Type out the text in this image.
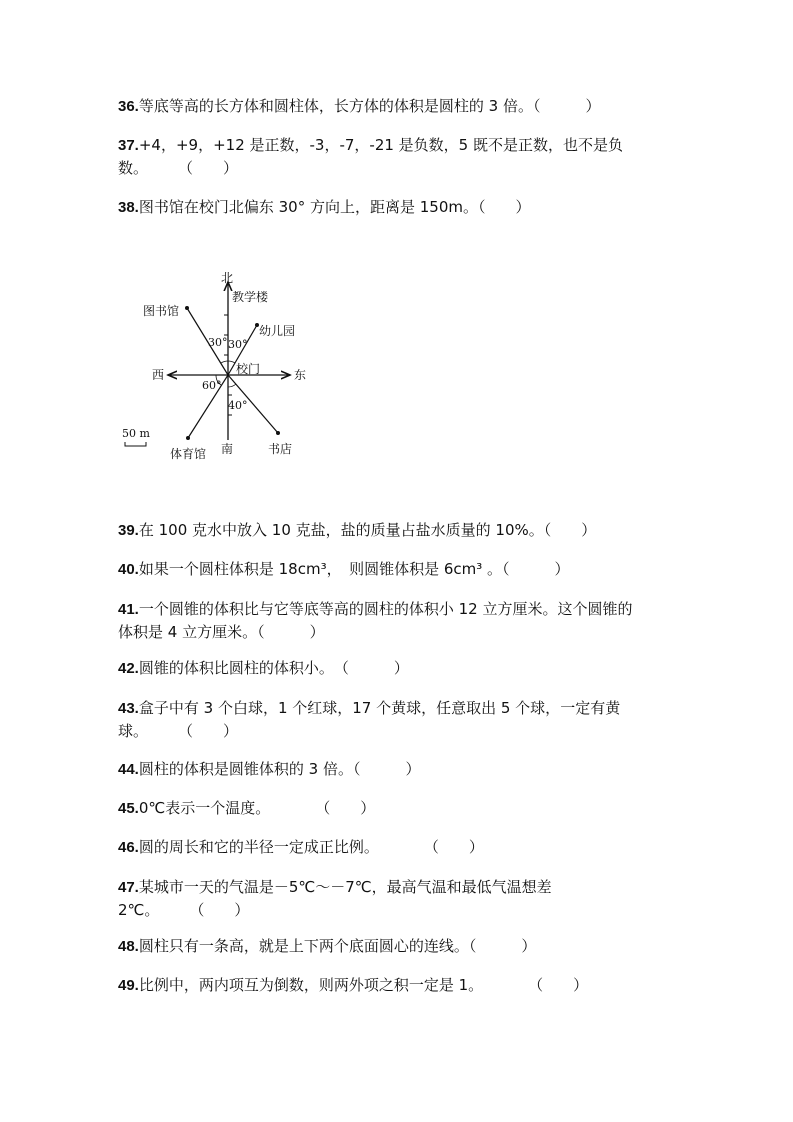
36.等底等高的长方体和圆柱体，长方体的体积是圆柱的 3 倍。（　　　）
37.+4，+9，+12 是正数，-3，-7，-21 是负数，5 既不是正数，也不是负
数。　　　（　　）
38.图书馆在校门北偏东 30° 方向上，距离是 150m。（　　）
北
教学楼
图书馆
幼儿园
30° 30°
西	校门	东
60°
40°
50 m
南
体育馆	书店
39.在 100 克水中放入 10 克盐，盐的质量占盐水质量的 10%。（　　）
40.如果一个圆柱体积是 18cm³，　则圆锥体积是 6cm³ 。（　　　）
41.一个圆锥的体积比与它等底等高的圆柱的体积小 12 立方厘米。这个圆锥的
体积是 4 立方厘米。（　　　）
42.圆锥的体积比圆柱的体积小。　（　　　）
43.盒子中有 3 个白球，1 个红球，17 个黄球，任意取出 5 个球，一定有黄
球。　　　（　　）
44.圆柱的体积是圆锥体积的 3 倍。（　　　）
45.0℃表示一个温度。　　　　（　　）
46.圆的周长和它的半径一定成正比例。　　　　（　　）
47.某城市一天的气温是－5℃～－7℃，最高气温和最低气温想差
2℃。　　　（　　）
48.圆柱只有一条高，就是上下两个底面圆心的连线。（　　　）
49.比例中，两内项互为倒数，则两外项之积一定是 1。　　　　（　　）
